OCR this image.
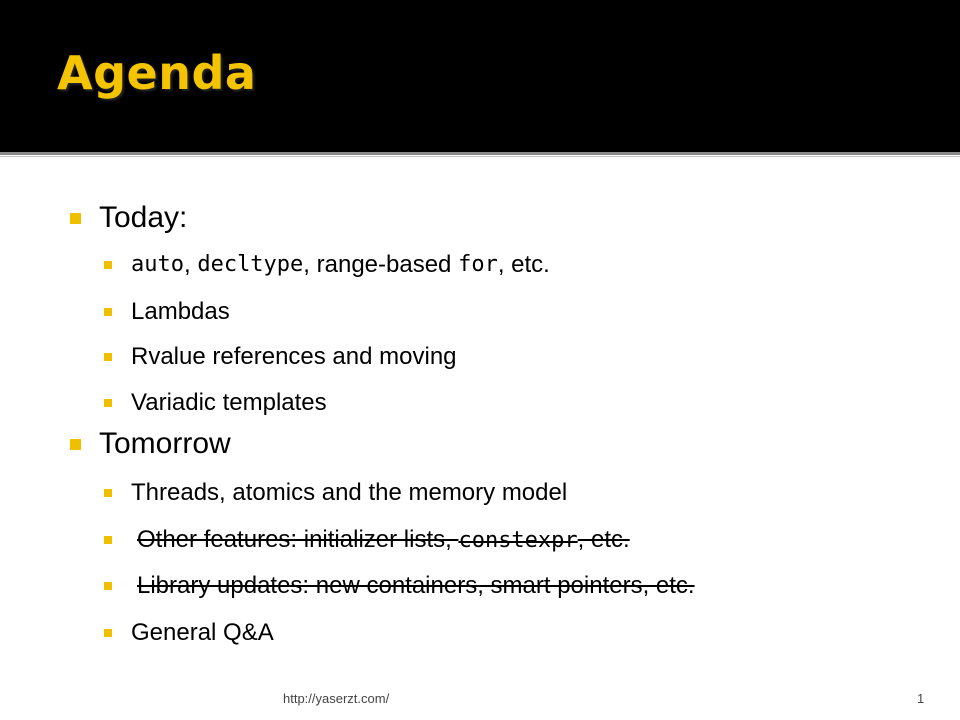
Agenda
Today:
auto , decltype , range-based for , etc.
Lambdas
Rvalue references and moving
Variadic templates
Tomorrow
Threads, atomics and the memory model
Other features: initializer lists, constexpr, etc.
Library updates: new containers, smart pointers, etc.
General Q&A
http://yaserzt.com/	1
